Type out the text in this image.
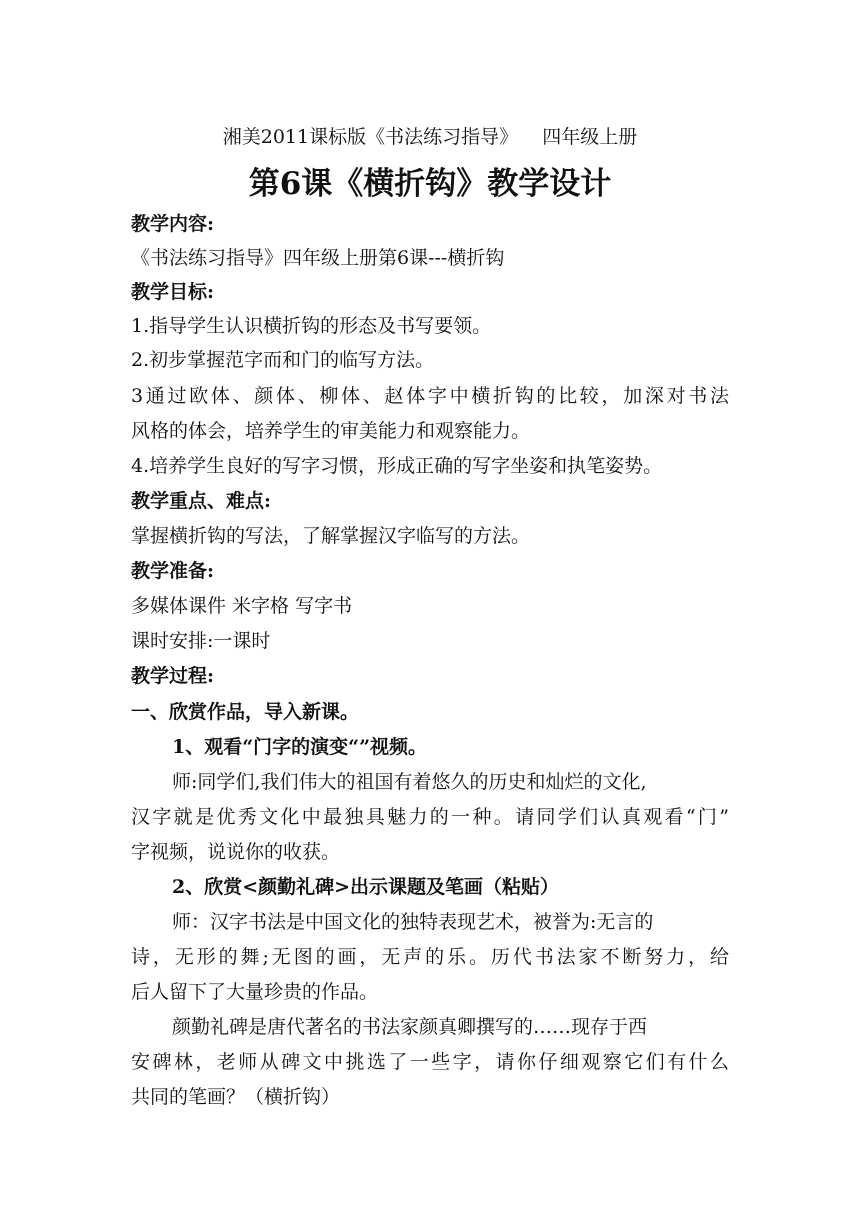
湘美2011课标版《书法练习指导》    四年级上册
第6课《横折钩》教学设计
教学内容:
《书法练习指导》四年级上册第6课---横折钩
教学目标:
1.指导学生认识横折钩的形态及书写要领。
2.初步掌握范字而和门的临写方法。
3通过欧体、颜体、柳体、赵体字中横折钩的比较，加深对书法
风格的体会，培养学生的审美能力和观察能力。
4.培养学生良好的写字习惯，形成正确的写字坐姿和执笔姿势。
教学重点、难点:
掌握横折钩的写法，了解掌握汉字临写的方法。
教学准备:
多媒体课件 米字格 写字书
课时安排:一课时
教学过程:
一、欣赏作品，导入新课。
1、观看“门字的演变“”视频。
师:同学们,我们伟大的祖国有着悠久的历史和灿烂的文化,
汉字就是优秀文化中最独具魅力的一种。请同学们认真观看“门”
字视频，说说你的收获。
2、欣赏<颜勤礼碑>出示课题及笔画（粘贴）
师：汉字书法是中国文化的独特表现艺术，被誉为:无言的
诗，无形的舞;无图的画，无声的乐。历代书法家不断努力，给
后人留下了大量珍贵的作品。
颜勤礼碑是唐代著名的书法家颜真卿撰写的……现存于西
安碑林，老师从碑文中挑选了一些字，请你仔细观察它们有什么
共同的笔画？（横折钩）
